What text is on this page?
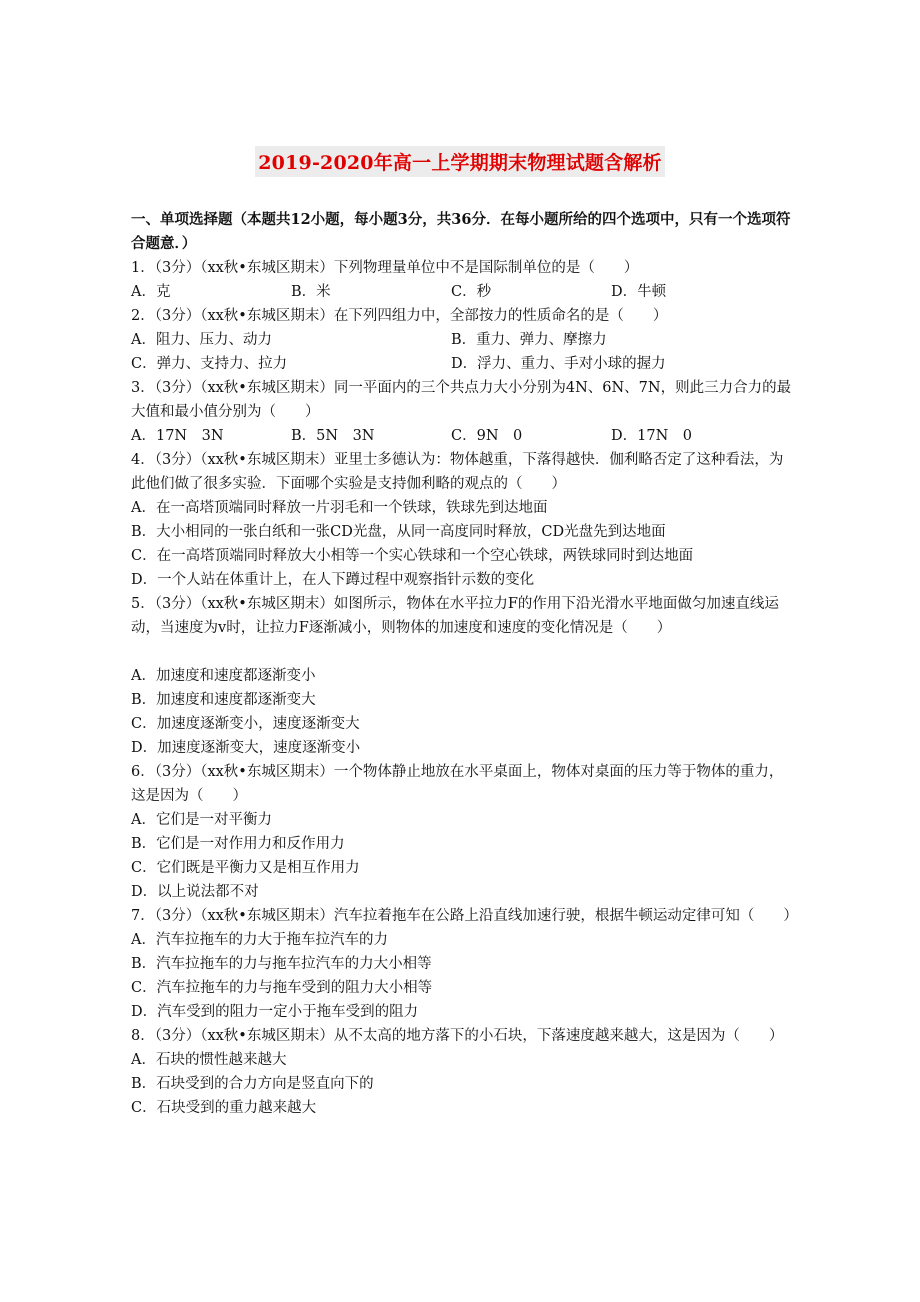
2019-2020年高一上学期期末物理试题含解析
一、单项选择题（本题共12小题，每小题3分，共36分．在每小题所给的四个选项中，只有一个选项符合题意．）
1．（3分）（xx秋•东城区期末）下列物理量单位中不是国际制单位的是（　　）
A．克	B．米	C．秒	D．牛顿
2．（3分）（xx秋•东城区期末）在下列四组力中，全部按力的性质命名的是（　　）
A．阻力、压力、动力	B．重力、弹力、摩擦力
C．弹力、支持力、拉力	D．浮力、重力、手对小球的握力
3．（3分）（xx秋•东城区期末）同一平面内的三个共点力大小分别为4N、6N、7N，则此三力合力的最大值和最小值分别为（　　）
A．17N　3N	B．5N　3N	C．9N　0	D．17N　0
4．（3分）（xx秋•东城区期末）亚里士多德认为：物体越重，下落得越快．伽利略否定了这种看法，为此他们做了很多实验．下面哪个实验是支持伽利略的观点的（　　）
A．在一高塔顶端同时释放一片羽毛和一个铁球，铁球先到达地面
B．大小相同的一张白纸和一张CD光盘，从同一高度同时释放，CD光盘先到达地面
C．在一高塔顶端同时释放大小相等一个实心铁球和一个空心铁球，两铁球同时到达地面
D．一个人站在体重计上，在人下蹲过程中观察指针示数的变化
5．（3分）（xx秋•东城区期末）如图所示，物体在水平拉力F的作用下沿光滑水平地面做匀加速直线运动，当速度为v时，让拉力F逐渐减小，则物体的加速度和速度的变化情况是（　　）
A．加速度和速度都逐渐变小
B．加速度和速度都逐渐变大
C．加速度逐渐变小，速度逐渐变大
D．加速度逐渐变大，速度逐渐变小
6．（3分）（xx秋•东城区期末）一个物体静止地放在水平桌面上，物体对桌面的压力等于物体的重力，这是因为（　　）
A．它们是一对平衡力
B．它们是一对作用力和反作用力
C．它们既是平衡力又是相互作用力
D．以上说法都不对
7．（3分）（xx秋•东城区期末）汽车拉着拖车在公路上沿直线加速行驶，根据牛顿运动定律可知（　　）
A．汽车拉拖车的力大于拖车拉汽车的力
B．汽车拉拖车的力与拖车拉汽车的力大小相等
C．汽车拉拖车的力与拖车受到的阻力大小相等
D．汽车受到的阻力一定小于拖车受到的阻力
8．（3分）（xx秋•东城区期末）从不太高的地方落下的小石块，下落速度越来越大，这是因为（　　）
A．石块的惯性越来越大
B．石块受到的合力方向是竖直向下的
C．石块受到的重力越来越大
